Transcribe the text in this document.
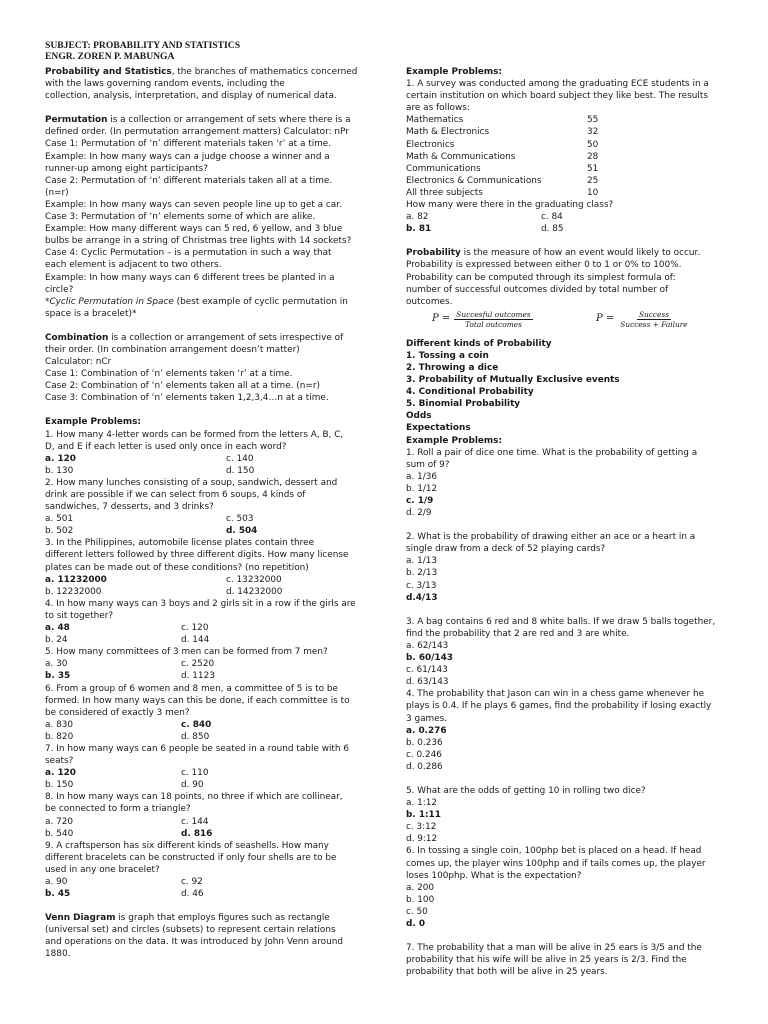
SUBJECT: PROBABILITY AND STATISTICS
ENGR. ZOREN P. MABUNGA

Probability and Statistics, the branches of mathematics concerned

with the laws governing random events, including the

collection, analysis, interpretation, and display of numerical data.

Permutation is a collection or arrangement of sets where there is a

defined order. (In permutation arrangement matters) Calculator: nPr

Case 1: Permutation of ‘n’ different materials taken ‘r’ at a time.

Example: In how many ways can a judge choose a winner and a

runner-up among eight participants?

Case 2: Permutation of ‘n’ different materials taken all at a time.

(n=r)

Example: In how many ways can seven people line up to get a car.

Case 3: Permutation of ‘n’ elements some of which are alike.

Example: How many different ways can 5 red, 6 yellow, and 3 blue

bulbs be arrange in a string of Christmas tree lights with 14 sockets?

Case 4: Cyclic Permutation – is a permutation in such a way that

each element is adjacent to two others.

Example: In how many ways can 6 different trees be planted in a

circle?

*Cyclic Permutation in Space (best example of cyclic permutation in

space is a bracelet)*

Combination is a collection or arrangement of sets irrespective of

their order. (In combination arrangement doesn’t matter)

Calculator: nCr

Case 1: Combination of ‘n’ elements taken ‘r’ at a time.

Case 2: Combination of ‘n’ elements taken all at a time. (n=r)

Case 3: Combination of ‘n’ elements taken 1,2,3,4…n at a time.

Example Problems:

1. How many 4-letter words can be formed from the letters A, B, C,

D, and E if each letter is used only once in each word?

a. 120	c. 140
b. 130	d. 150

2. How many lunches consisting of a soup, sandwich, dessert and

drink are possible if we can select from 6 soups, 4 kinds of

sandwiches, 7 desserts, and 3 drinks?

a. 501	c. 503
b. 502	d. 504

3. In the Philippines, automobile license plates contain three

different letters followed by three different digits. How many license

plates can be made out of these conditions? (no repetition)

a. 11232000	c. 13232000
b. 12232000	d. 14232000

4. In how many ways can 3 boys and 2 girls sit in a row if the girls are

to sit together?

a. 48	c. 120
b. 24	d. 144

5. How many committees of 3 men can be formed from 7 men?

a. 30	c. 2520
b. 35	d. 1123

6. From a group of 6 women and 8 men, a committee of 5 is to be

formed. In how many ways can this be done, if each committee is to

be considered of exactly 3 men?

a. 830	c. 840
b. 820	d. 850

7. In how many ways can 6 people be seated in a round table with 6

seats?

a. 120	c. 110
b. 150	d. 90

8. In how many ways can 18 points, no three if which are collinear,

be connected to form a triangle?

a. 720	c. 144
b. 540	d. 816

9. A craftsperson has six different kinds of seashells. How many

different bracelets can be constructed if only four shells are to be

used in any one bracelet?

a. 90	c. 92
b. 45	d. 46

Venn Diagram is graph that employs figures such as rectangle

(universal set) and circles (subsets) to represent certain relations

and operations on the data. It was introduced by John Venn around

1880.

Example Problems:

1. A survey was conducted among the graduating ECE students in a

certain institution on which board subject they like best. The results

are as follows:

Mathematics	55
Math & Electronics	32
Electronics	50
Math & Communications	28
Communications	51
Electronics & Communications	25
All three subjects	10

How many were there in the graduating class?

a. 82	c. 84
b. 81	d. 85

Probability is the measure of how an event would likely to occur.

Probability is expressed between either 0 to 1 or 0% to 100%.

Probability can be computed through its simplest formula of:

number of successful outcomes divided by total number of

outcomes.

$P = \frac{\text{Succesful outcomes}}{\text{Total outcomes}}$	$P = \frac{\text{Success}}{\text{Success + Failure}}$

Different kinds of Probability

1. Tossing a coin

2. Throwing a dice

3. Probability of Mutually Exclusive events

4. Conditional Probability

5. Binomial Probability

Odds

Expectations

Example Problems:

1. Roll a pair of dice one time. What is the probability of getting a

sum of 9?

a. 1/36

b. 1/12

c. 1/9

d. 2/9

2. What is the probability of drawing either an ace or a heart in a

single draw from a deck of 52 playing cards?

a. 1/13

b. 2/13

c. 3/13

d.4/13

3. A bag contains 6 red and 8 white balls. If we draw 5 balls together,

find the probability that 2 are red and 3 are white.

a. 62/143

b. 60/143

c. 61/143

d. 63/143

4. The probability that Jason can win in a chess game whenever he

plays is 0.4. If he plays 6 games, find the probability if losing exactly

3 games.

a. 0.276

b. 0.236

c. 0.246

d. 0.286

5. What are the odds of getting 10 in rolling two dice?

a. 1:12

b. 1:11

c. 3:12

d. 9:12

6. In tossing a single coin, 100php bet is placed on a head. If head

comes up, the player wins 100php and if tails comes up, the player

loses 100php. What is the expectation?

a. 200

b. 100

c. 50

d. 0

7. The probability that a man will be alive in 25 ears is 3/5 and the

probability that his wife will be alive in 25 years is 2/3. Find the

probability that both will be alive in 25 years.
